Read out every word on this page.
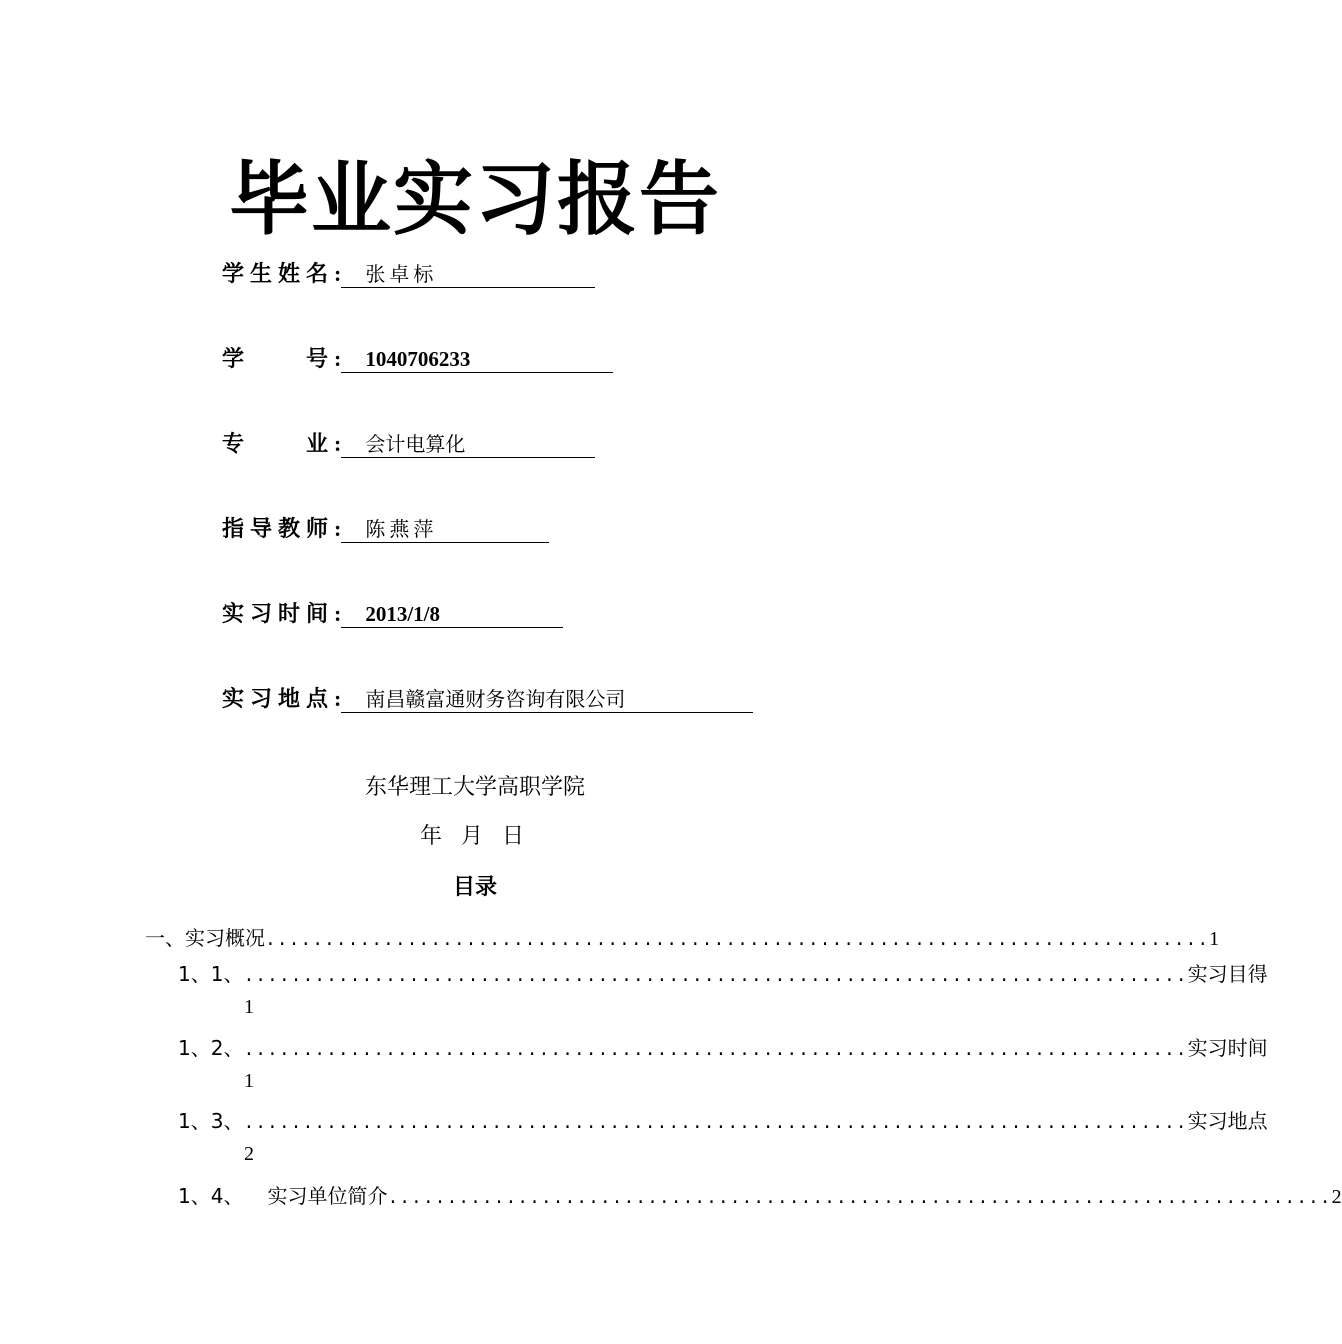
毕业实习报告
学生姓名: 张卓标
学　　号: 1040706233
专　　业: 会计电算化
指导教师: 陈燕萍
实习时间: 2013/1/8
实习地点: 南昌赣富通财务咨询有限公司
东华理工大学高职学院
年 月 日
目录
一、 实习概况 ................................................................................ 1
1、1、 ................................................................................ 实习目得
1
1、2、 ................................................................................ 实习时间
1
1、3、 ................................................................................ 实习地点
2
1、4、 实习单位简介 ................................................................................ 2
